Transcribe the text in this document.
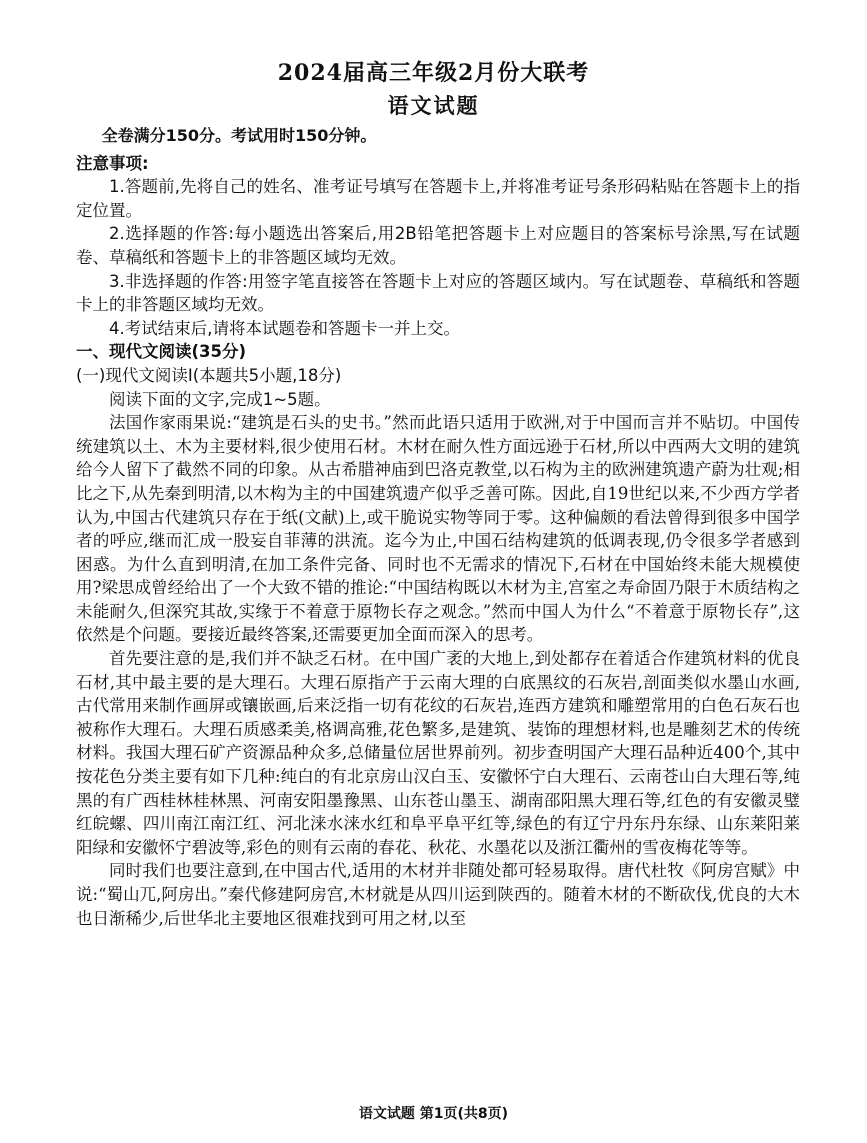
2024届高三年级2月份大联考
语文试题

全卷满分150分。考试用时150分钟。

注意事项:

1.答题前,先将自己的姓名、准考证号填写在答题卡上,并将准考证号条形码粘贴在答题卡上的指定位置。

2.选择题的作答:每小题选出答案后,用2B铅笔把答题卡上对应题目的答案标号涂黑,写在试题卷、草稿纸和答题卡上的非答题区域均无效。

3.非选择题的作答:用签字笔直接答在答题卡上对应的答题区域内。写在试题卷、草稿纸和答题卡上的非答题区域均无效。

4.考试结束后,请将本试题卷和答题卡一并上交。

一、现代文阅读(35分)

(一)现代文阅读Ⅰ(本题共5小题,18分)

阅读下面的文字,完成1~5题。

法国作家雨果说:“建筑是石头的史书。”然而此语只适用于欧洲,对于中国而言并不贴切。中国传统建筑以土、木为主要材料,很少使用石材。木材在耐久性方面远逊于石材,所以中西两大文明的建筑给今人留下了截然不同的印象。从古希腊神庙到巴洛克教堂,以石构为主的欧洲建筑遗产蔚为壮观;相比之下,从先秦到明清,以木构为主的中国建筑遗产似乎乏善可陈。因此,自19世纪以来,不少西方学者认为,中国古代建筑只存在于纸(文献)上,或干脆说实物等同于零。这种偏颇的看法曾得到很多中国学者的呼应,继而汇成一股妄自菲薄的洪流。迄今为止,中国石结构建筑的低调表现,仍令很多学者感到困惑。为什么直到明清,在加工条件完备、同时也不无需求的情况下,石材在中国始终未能大规模使用?梁思成曾经给出了一个大致不错的推论:“中国结构既以木材为主,宫室之寿命固乃限于木质结构之未能耐久,但深究其故,实缘于不着意于原物长存之观念。”然而中国人为什么“不着意于原物长存”,这依然是个问题。要接近最终答案,还需要更加全面而深入的思考。

首先要注意的是,我们并不缺乏石材。在中国广袤的大地上,到处都存在着适合作建筑材料的优良石材,其中最主要的是大理石。大理石原指产于云南大理的白底黑纹的石灰岩,剖面类似水墨山水画,古代常用来制作画屏或镶嵌画,后来泛指一切有花纹的石灰岩,连西方建筑和雕塑常用的白色石灰石也被称作大理石。大理石质感柔美,格调高雅,花色繁多,是建筑、装饰的理想材料,也是雕刻艺术的传统材料。我国大理石矿产资源品种众多,总储量位居世界前列。初步查明国产大理石品种近400个,其中按花色分类主要有如下几种:纯白的有北京房山汉白玉、安徽怀宁白大理石、云南苍山白大理石等,纯黑的有广西桂林桂林黑、河南安阳墨豫黑、山东苍山墨玉、湖南邵阳黑大理石等,红色的有安徽灵璧红皖螺、四川南江南江红、河北涞水涞水红和阜平阜平红等,绿色的有辽宁丹东丹东绿、山东莱阳莱阳绿和安徽怀宁碧波等,彩色的则有云南的春花、秋花、水墨花以及浙江衢州的雪夜梅花等等。

同时我们也要注意到,在中国古代,适用的木材并非随处都可轻易取得。唐代杜牧《阿房宫赋》中说:“蜀山兀,阿房出。”秦代修建阿房宫,木材就是从四川运到陕西的。随着木材的不断砍伐,优良的大木也日渐稀少,后世华北主要地区很难找到可用之材,以至

语文试题 第1页(共8页)
